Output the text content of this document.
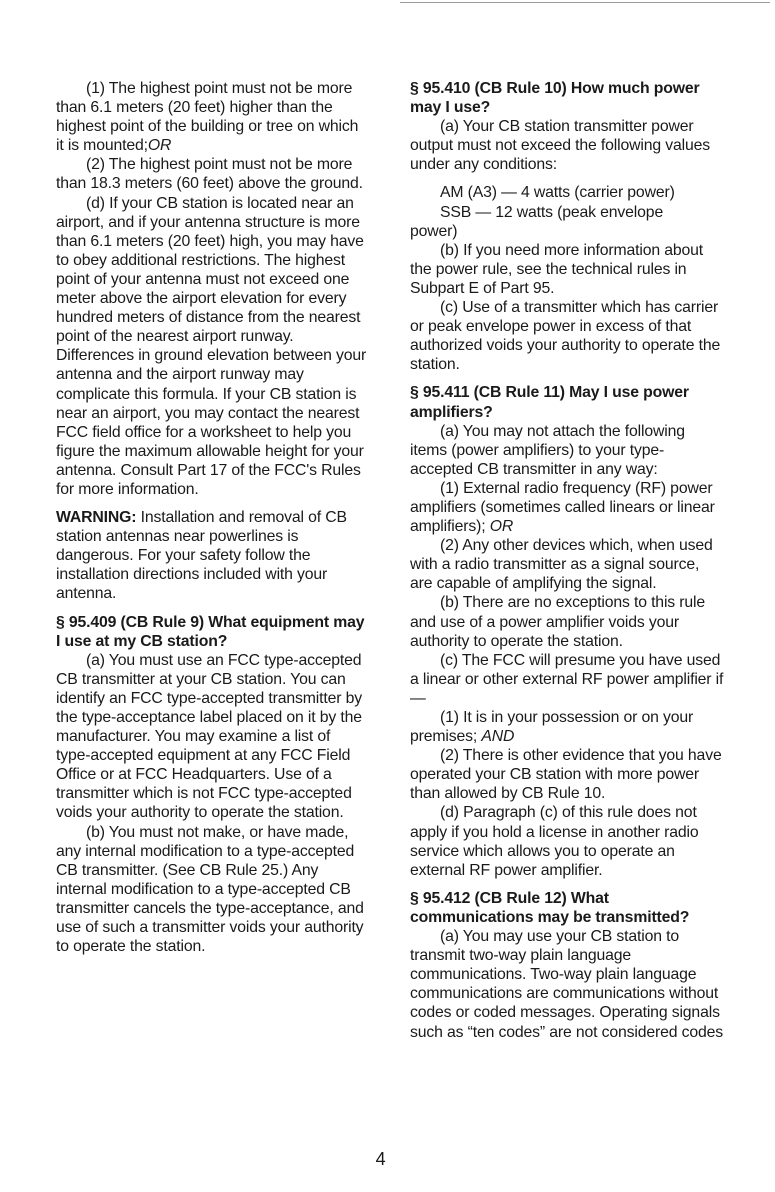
(1) The highest point must not be more than 6.1 meters (20 feet) higher than the highest point of the building or tree on which it is mounted;OR

(2) The highest point must not be more than 18.3 meters (60 feet) above the ground.

(d) If your CB station is located near an airport, and if your antenna structure is more than 6.1 meters (20 feet) high, you may have to obey additional restrictions. The highest point of your antenna must not exceed one meter above the airport elevation for every hundred meters of distance from the nearest point of the nearest airport runway. Differences in ground elevation between your antenna and the airport runway may complicate this formula. If your CB station is near an airport, you may contact the nearest FCC field office for a worksheet to help you figure the maximum allowable height for your antenna. Consult Part 17 of the FCC's Rules for more information.

WARNING: Installation and removal of CB station antennas near powerlines is dangerous. For your safety follow the installation directions included with your antenna.

§ 95.409 (CB Rule 9) What equipment may I use at my CB station?

(a) You must use an FCC type-accepted CB transmitter at your CB station. You can identify an FCC type-accepted transmitter by the type-acceptance label placed on it by the manufacturer. You may examine a list of type-accepted equipment at any FCC Field Office or at FCC Headquarters. Use of a transmitter which is not FCC type-accepted voids your authority to operate the station.

(b) You must not make, or have made, any internal modification to a type-accepted CB transmitter. (See CB Rule 25.) Any internal modification to a type-accepted CB transmitter cancels the type-acceptance, and use of such a transmitter voids your authority to operate the station.

§ 95.410 (CB Rule 10) How much power may I use?

(a) Your CB station transmitter power output must not exceed the following values under any conditions:

AM (A3) — 4 watts (carrier power)

SSB — 12 watts (peak envelope

power)

(b) If you need more information about the power rule, see the technical rules in Subpart E of Part 95.

(c) Use of a transmitter which has carrier or peak envelope power in excess of that authorized voids your authority to operate the station.

§ 95.411 (CB Rule 11) May I use power amplifiers?

(a) You may not attach the following items (power amplifiers) to your type-accepted CB transmitter in any way:

(1) External radio frequency (RF) power amplifiers (sometimes called linears or linear amplifiers); OR

(2) Any other devices which, when used with a radio transmitter as a signal source, are capable of amplifying the signal.

(b) There are no exceptions to this rule and use of a power amplifier voids your authority to operate the station.

(c) The FCC will presume you have used a linear or other external RF power amplifier if —

(1) It is in your possession or on your premises; AND

(2) There is other evidence that you have operated your CB station with more power than allowed by CB Rule 10.

(d) Paragraph (c) of this rule does not apply if you hold a license in another radio service which allows you to operate an external RF power amplifier.

§ 95.412 (CB Rule 12) What communications may be transmitted?

(a) You may use your CB station to transmit two-way plain language communications. Two-way plain language communications are communications without codes or coded messages. Operating signals such as “ten codes” are not considered codes

4
